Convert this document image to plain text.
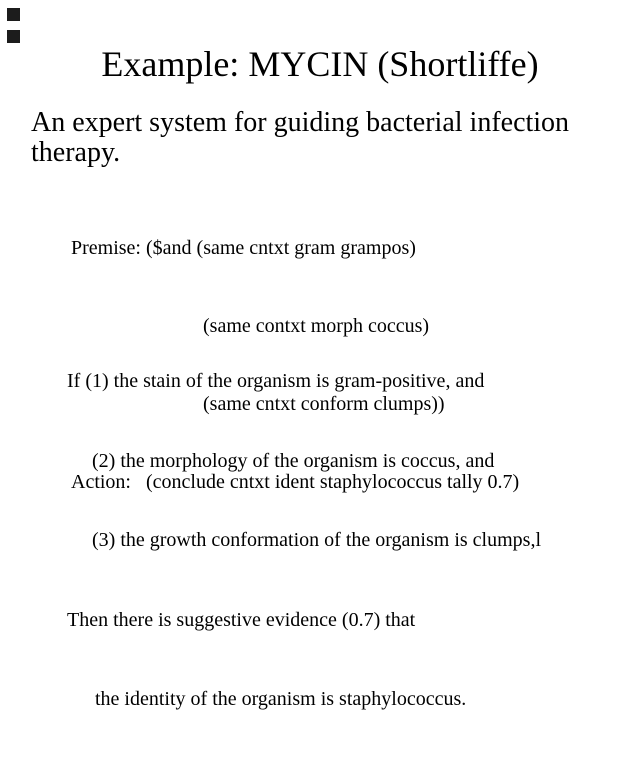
Example: MYCIN (Shortliffe)
An expert system for guiding bacterial infection
therapy.

Premise: ($and (same cntxt gram grampos)

(same contxt morph coccus)

(same cntxt conform clumps))

Action:   (conclude cntxt ident staphylococcus tally 0.7)

If (1) the stain of the organism is gram-positive, and

(2) the morphology of the organism is coccus, and

(3) the growth conformation of the organism is clumps,l

Then there is suggestive evidence (0.7) that

the identity of the organism is staphylococcus.
